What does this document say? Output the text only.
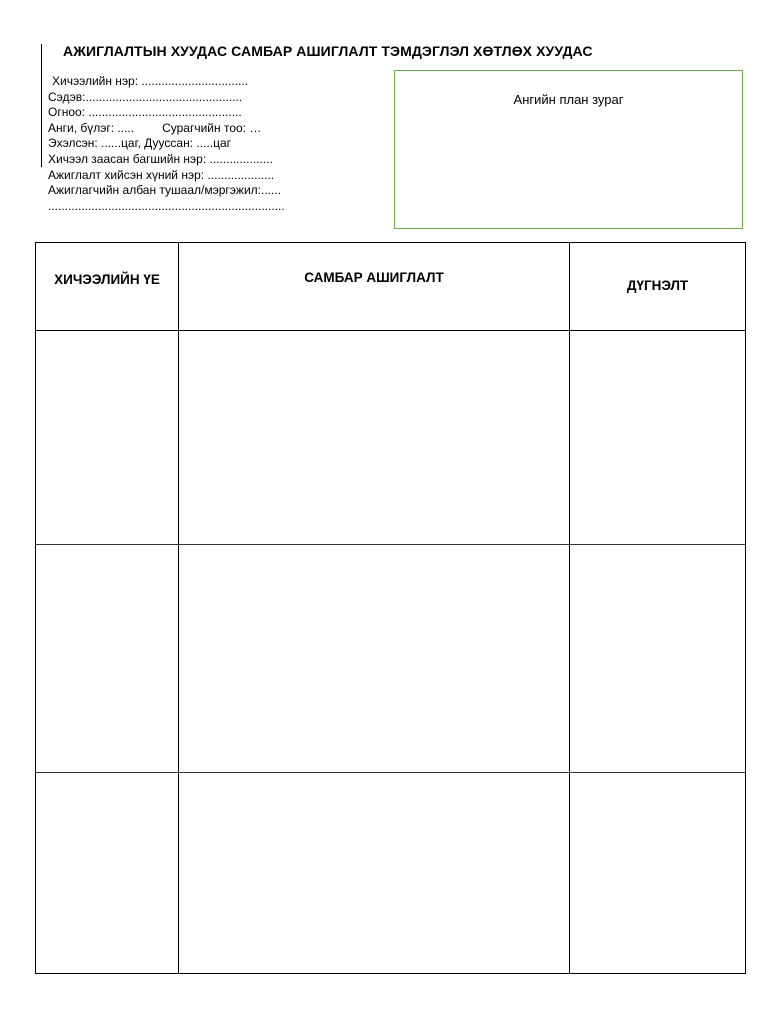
АЖИГЛАЛТЫН ХУУДАС САМБАР АШИГЛАЛТ ТЭМДЭГЛЭЛ ХӨТЛӨХ ХУУДАС
Хичээлийн нэр: ................................
Сэдэв:...............................................
Огноо: ..............................................
Анги, бүлэг: ..... Сурагчийн тоо: …
Эхэлсэн: ......цаг, Дуусcан: .....цаг
Хичээл заасан багшийн нэр: ...................
Ажиглалт хийсэн хүний нэр: ....................
Ажиглагчийн албан тушаал/мэргэжил:......
.......................................................................
Ангийн план зураг
ХИЧЭЭЛИЙН ҮЕ	САМБАР АШИГЛАЛТ
ДҮГНЭЛТ
